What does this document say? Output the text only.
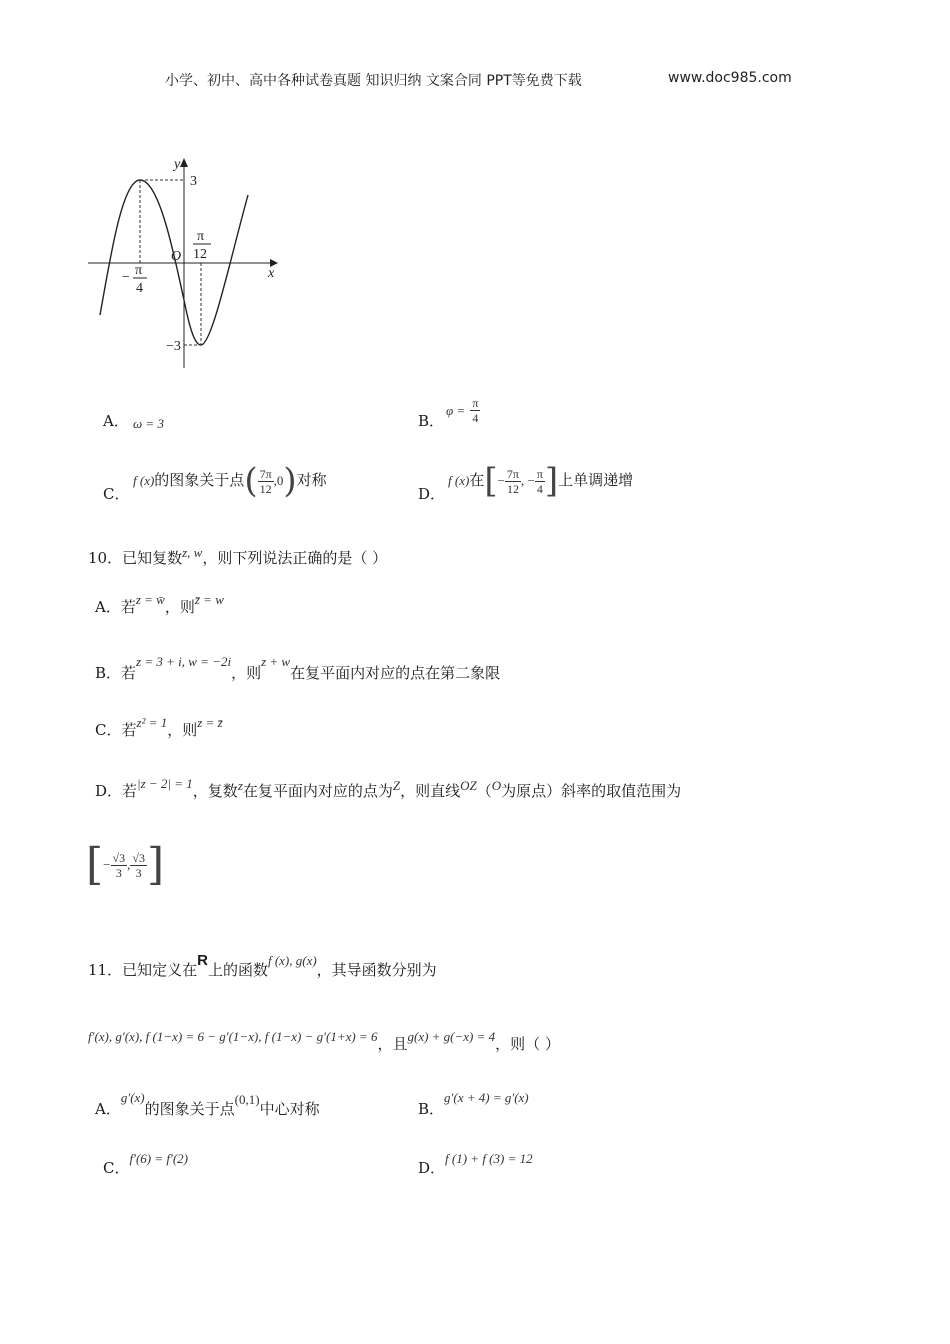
小学、初中、高中各种试卷真题 知识归纳 文案合同 PPT等免费下载	www.doc985.com
y
x
O
3
−3
π
12
− π
4
A． ω = 3	B．
$\varphi = \frac{\pi}{4}$
C．
f (x)的图象关于点( $\frac{7\pi}{12} ,0$)对称
D．
f (x)在[− $\frac{7\pi}{12}$ , − $\frac{\pi}{4}$ ]上单调递增
10．已知复数z, w，则下列说法正确的是（ ）
A．若z = w̄，则z̄ = w
B．若z = 3 + i, w = −2i，则z + w在复平面内对应的点在第二象限
C．若z² = 1，则z = z̄
D．若|z − 2| = 1，复数z在复平面内对应的点为Z，则直线OZ（O为原点）斜率的取值范围为
[− $\frac{√3}{3}$ , $\frac{√3}{3}$ ]
11．已知定义在R上的函数f (x), g(x)，其导函数分别为
f′(x), g′(x), f (1−x) = 6 − g′(1−x), f (1−x) − g′(1+x) = 6，且g(x) + g(−x) = 4，则（ ）
A．g′(x)的图象关于点(0,1)中心对称	B．g′(x + 4) = g′(x)
C．f′(6) = f′(2)
D．f (1) + f (3) = 12
